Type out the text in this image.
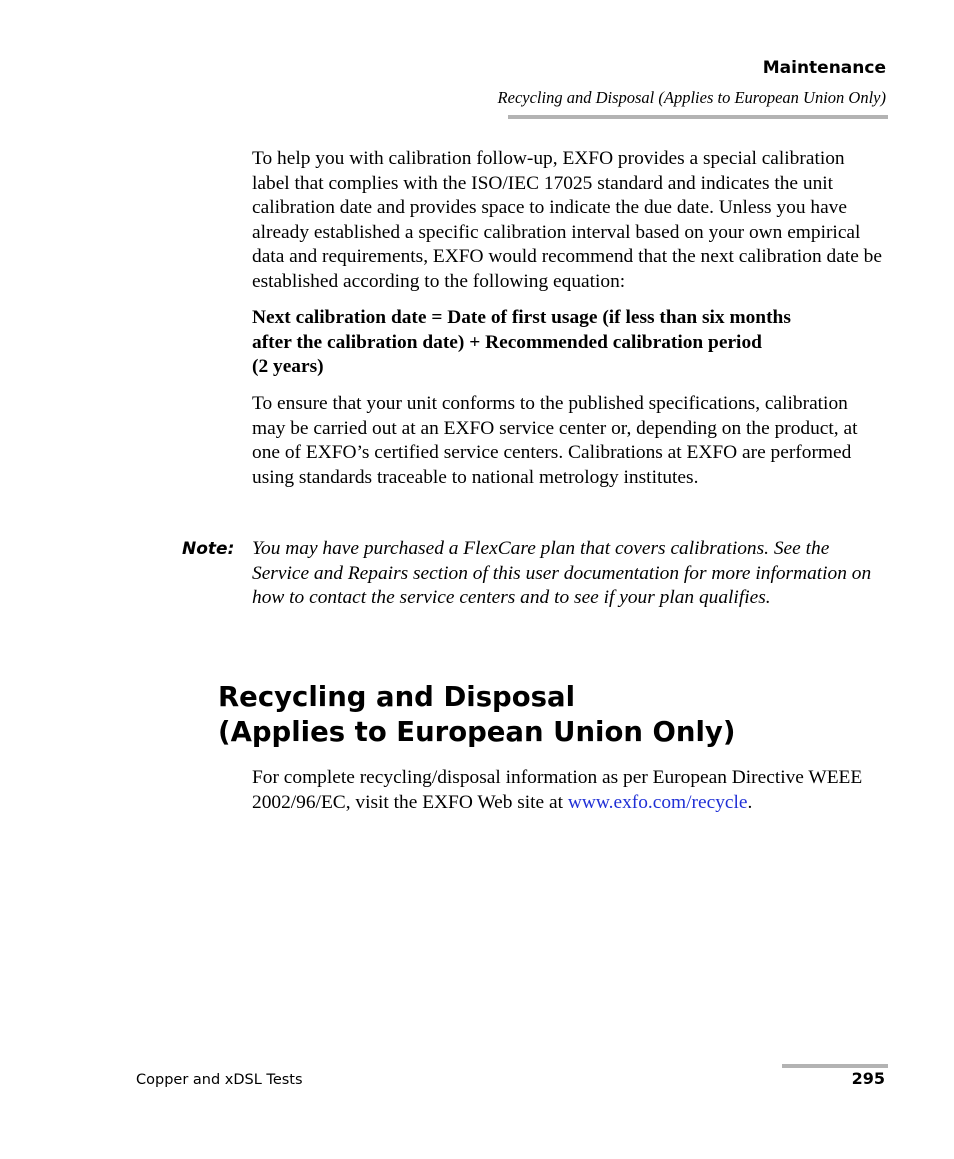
Maintenance
Recycling and Disposal (Applies to European Union Only)

To help you with calibration follow-up, EXFO provides a special calibration label that complies with the ISO/IEC 17025 standard and indicates the unit calibration date and provides space to indicate the due date. Unless you have already established a specific calibration interval based on your own empirical data and requirements, EXFO would recommend that the next calibration date be established according to the following equation:

Next calibration date = Date of first usage (if less than six months
after the calibration date) + Recommended calibration period
(2 years)

To ensure that your unit conforms to the published specifications, calibration may be carried out at an EXFO service center or, depending on the product, at one of EXFO’s certified service centers. Calibrations at EXFO are performed using standards traceable to national metrology institutes.

Note: You may have purchased a FlexCare plan that covers calibrations. See the Service and Repairs section of this user documentation for more information on how to contact the service centers and to see if your plan qualifies.

Recycling and Disposal
(Applies to European Union Only)

For complete recycling/disposal information as per European Directive WEEE 2002/96/EC, visit the EXFO Web site at www.exfo.com/recycle.

Copper and xDSL Tests	295
